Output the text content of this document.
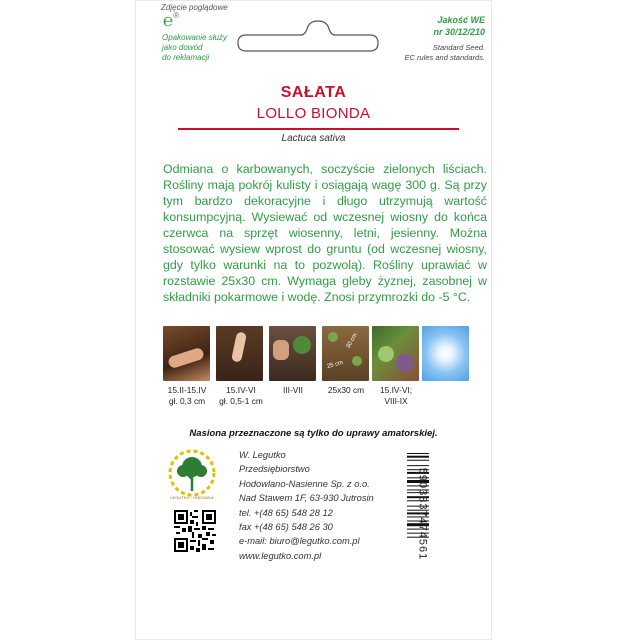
Zdjęcie poglądowe
℮®
Opakowanie służy
jako dowód
do reklamacji
Jakość WE
nr 30/12/210
Standard Seed.
EC rules and standards.
SAŁATA
LOLLO BIONDA
Lactuca sativa
Odmiana o karbowanych, soczyście zielonych liściach. Rośliny mają pokrój kulisty i osiągają wagę 300 g. Są przy tym bardzo dekoracyjne i długo utrzymują wartość konsumpcyjną. Wysiewać od wczesnej wiosny do końca czerwca na sprzęt wiosenny, letni, jesienny. Można stosować wysiew wprost do gruntu (od wczesnej wiosny, gdy tylko warunki na to pozwolą). Rośliny uprawiać w rozstawie 25x30 cm. Wymaga gleby żyznej, zasobnej w składniki pokarmowe i wodę. Znosi przymrozki do -5 °C.
30 cm
25 cm
15.II-15.IV
gł. 0,3 cm
15.IV-VI
gł. 0,5-1 cm
III-VII	25x30 cm	15.IV-VI;
VIII-IX
Nasiona przeznaczone są tylko do uprawy amatorskiej.
LEGUTKO · HODOWLA
W. Legutko
Przedsiębiorstwo
Hodowlano-Nasienne Sp. z o.o.
Nad Stawem 1F, 63-930 Jutrosin
tel. +(48 65) 548 28 12
fax +(48 65) 548 26 30
e-mail: biuro@legutko.com.pl
www.legutko.com.pl	5903837474561
